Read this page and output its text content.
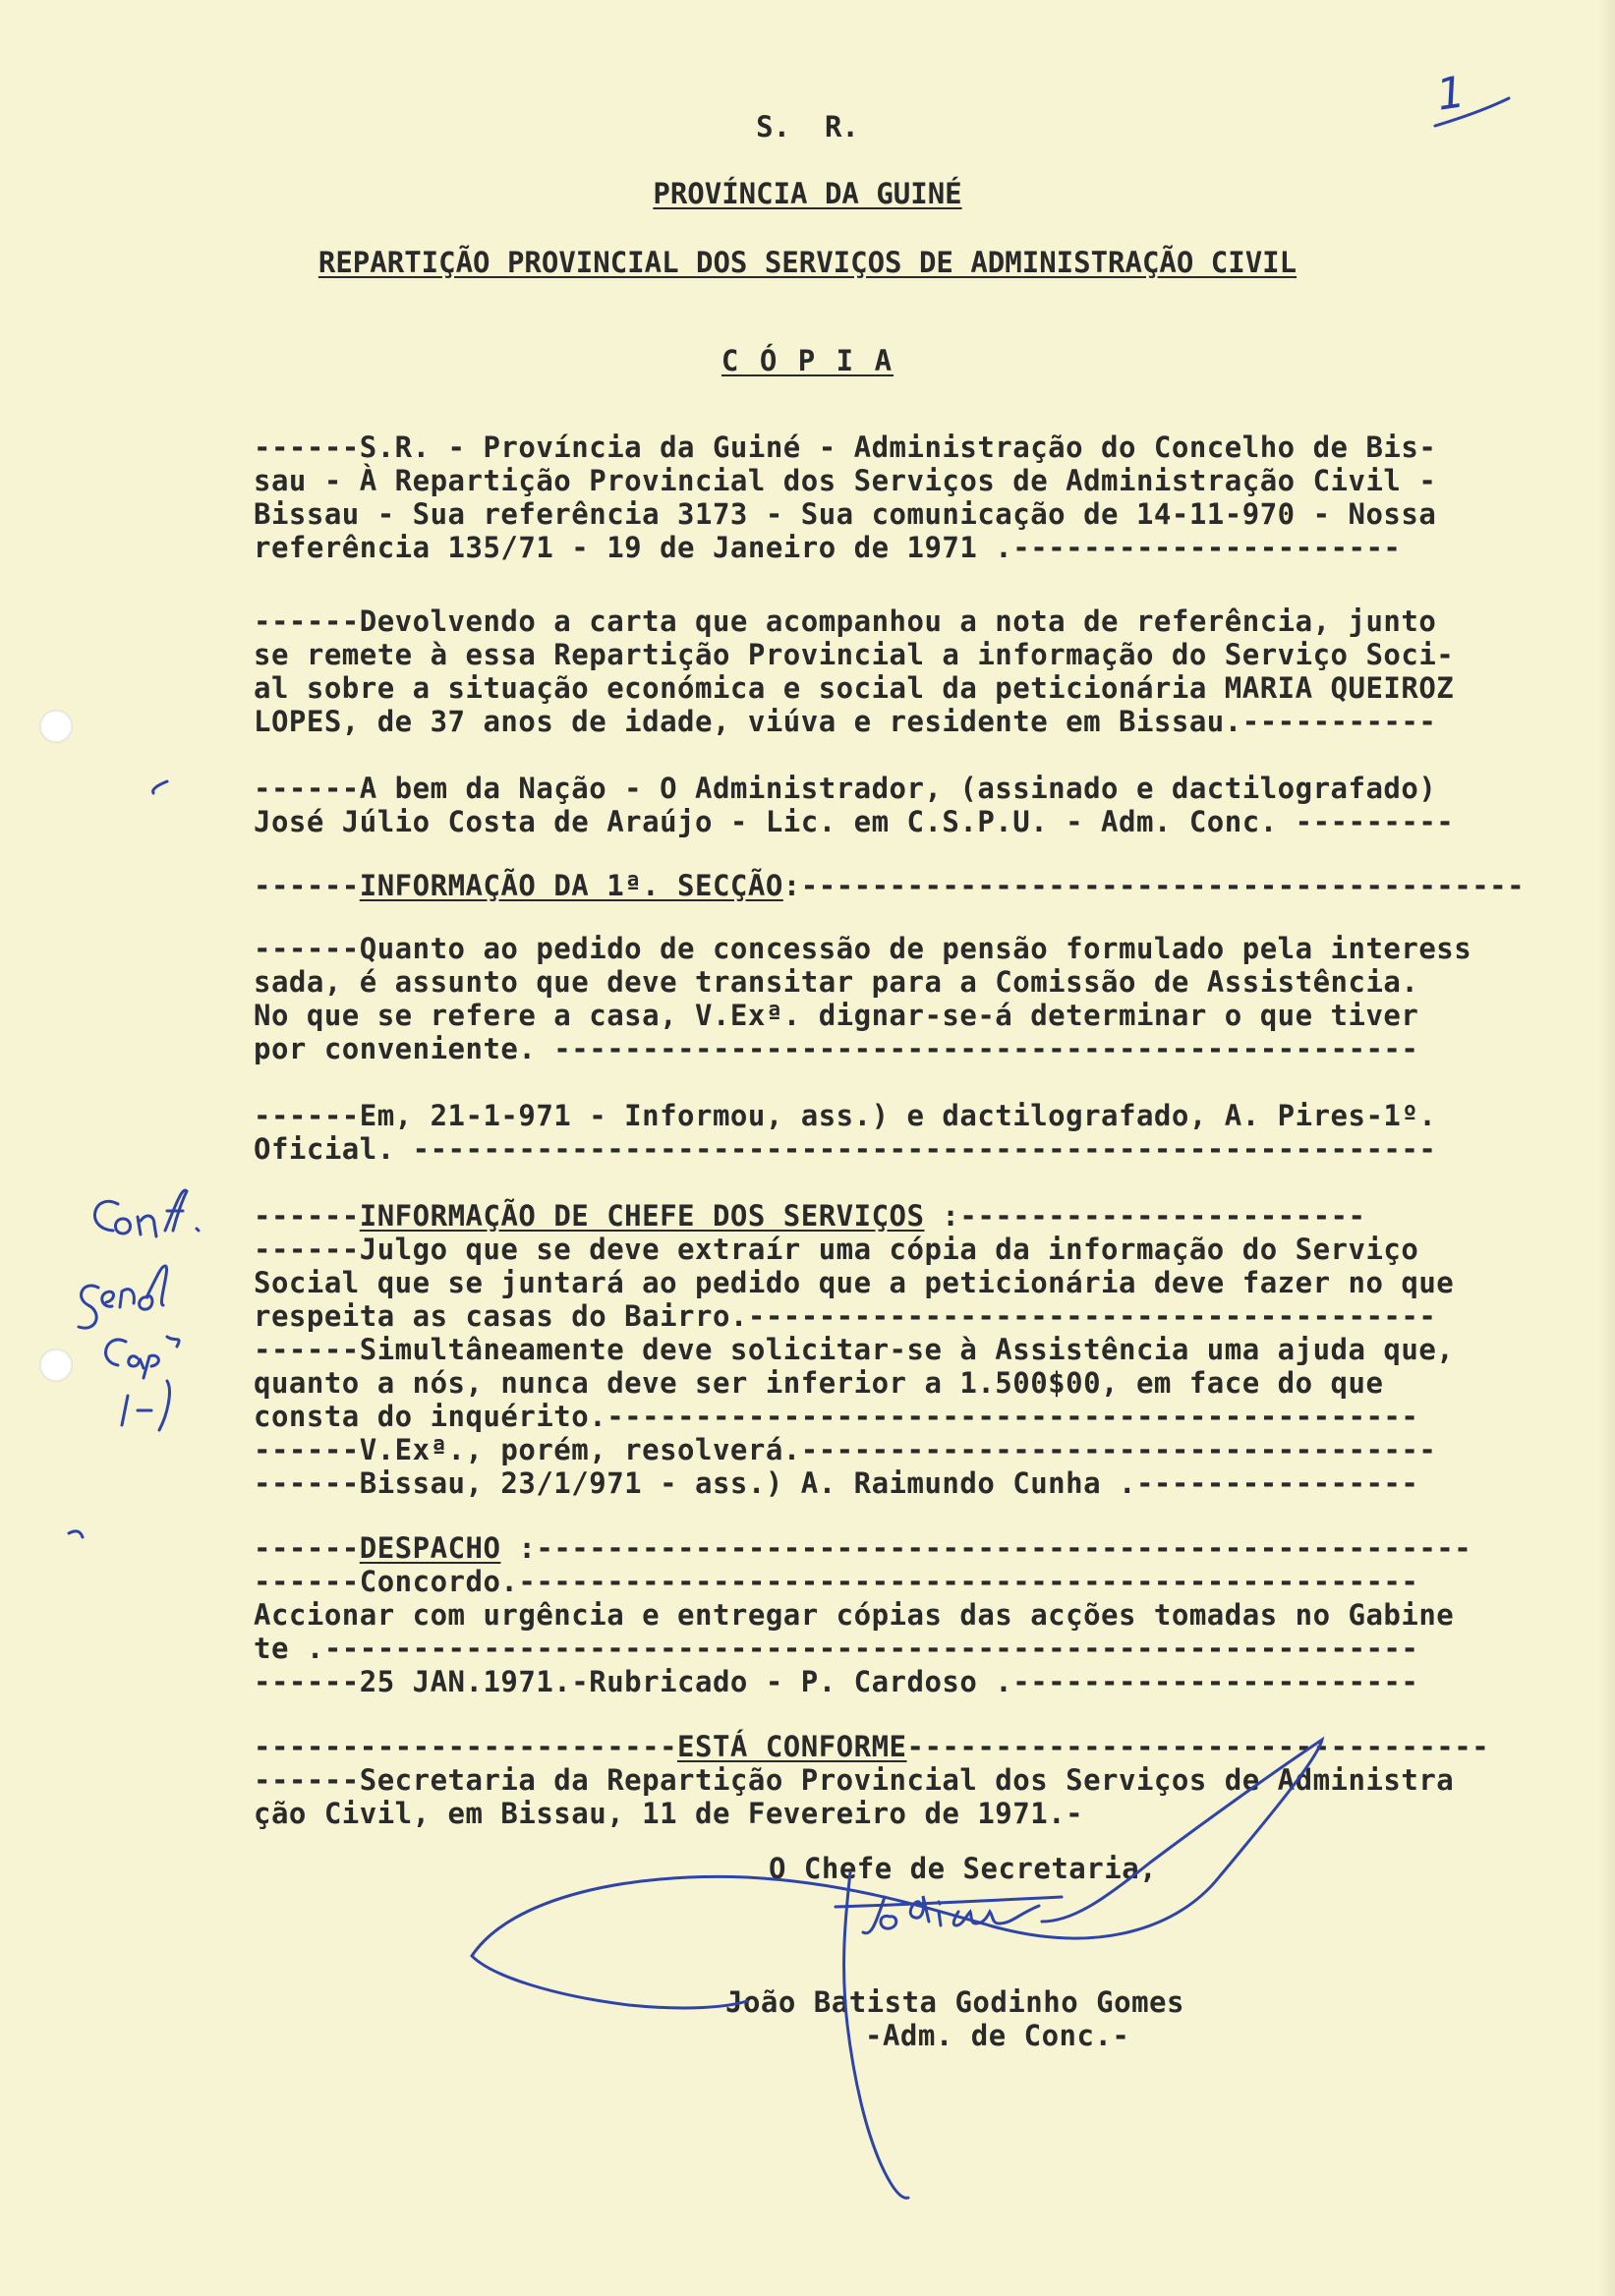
1
S.  R.
PROVÍNCIA DA GUINÉ
REPARTIÇÃO PROVINCIAL DOS SERVIÇOS DE ADMINISTRAÇÃO CIVIL
C Ó P I A
------S.R. - Província da Guiné - Administração do Concelho de Bis-
sau - À Repartição Provincial dos Serviços de Administração Civil -
Bissau - Sua referência 3173 - Sua comunicação de 14-11-970 - Nossa
referência 135/71 - 19 de Janeiro de 1971 .----------------------
------Devolvendo a carta que acompanhou a nota de referência, junto
se remete à essa Repartição Provincial a informação do Serviço Soci-
al sobre a situação económica e social da peticionária MARIA QUEIROZ
LOPES, de 37 anos de idade, viúva e residente em Bissau.-----------
------A bem da Nação - O Administrador, (assinado e dactilografado)
José Júlio Costa de Araújo - Lic. em C.S.P.U. - Adm. Conc. ---------
------INFORMAÇÃO DA 1ª. SECÇÃO:-----------------------------------------
------Quanto ao pedido de concessão de pensão formulado pela interess
sada, é assunto que deve transitar para a Comissão de Assistência.
No que se refere a casa, V.Exª. dignar-se-á determinar o que tiver
por conveniente. -------------------------------------------------
------Em, 21-1-971 - Informou, ass.) e dactilografado, A. Pires-1º.
Oficial. ----------------------------------------------------------
------INFORMAÇÃO DE CHEFE DOS SERVIÇOS :-----------------------
------Julgo que se deve extraír uma cópia da informação do Serviço
Social que se juntará ao pedido que a peticionária deve fazer no que
respeita as casas do Bairro.---------------------------------------
------Simultâneamente deve solicitar-se à Assistência uma ajuda que,
quanto a nós, nunca deve ser inferior a 1.500$00, em face do que
consta do inquérito.----------------------------------------------
------V.Exª., porém, resolverá.------------------------------------
------Bissau, 23/1/971 - ass.) A. Raimundo Cunha .----------------
------DESPACHO :-----------------------------------------------------
------Concordo.---------------------------------------------------
Accionar com urgência e entregar cópias das acções tomadas no Gabine
te .--------------------------------------------------------------
------25 JAN.1971.-Rubricado - P. Cardoso .-----------------------
------------------------ESTÁ CONFORME---------------------------------
------Secretaria da Repartição Provincial dos Serviços de Administra
ção Civil, em Bissau, 11 de Fevereiro de 1971.-
O Chefe de Secretaria,
João Batista Godinho Gomes
-Adm. de Conc.-
